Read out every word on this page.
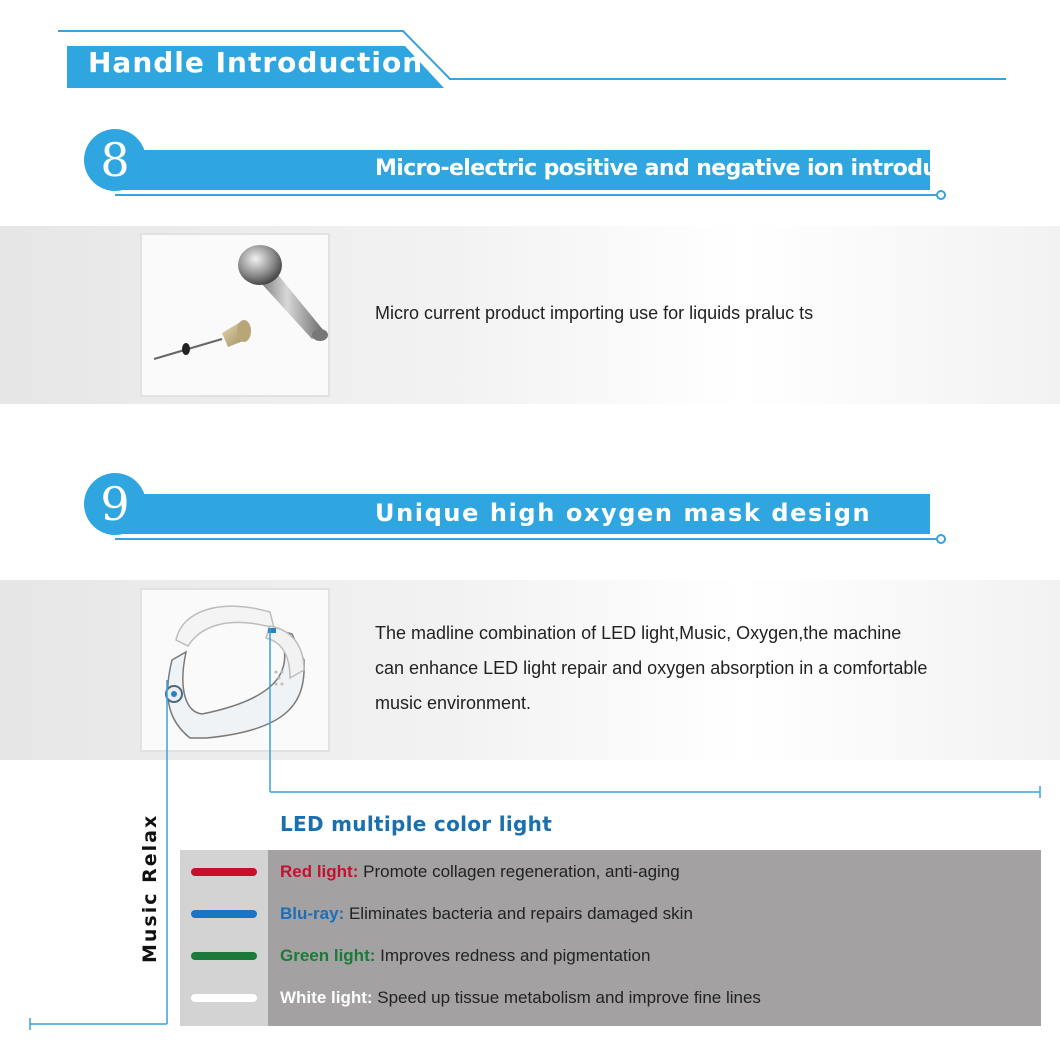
Handle Introduction
8	Micro-electric positive and negative ion introduction
Micro current product importing use for liquids praluc ts
9	Unique high oxygen mask design
The madline combination of LED light,Music, Oxygen,the machine
can enhance LED light repair and oxygen absorption in a comfortable
music environment.
LED multiple color light
Red light: Promote collagen regeneration, anti-aging
Blu-ray: Eliminates bacteria and repairs damaged skin
Green light: Improves redness and pigmentation
White light: Speed up tissue metabolism and improve fine lines
Music Relax
